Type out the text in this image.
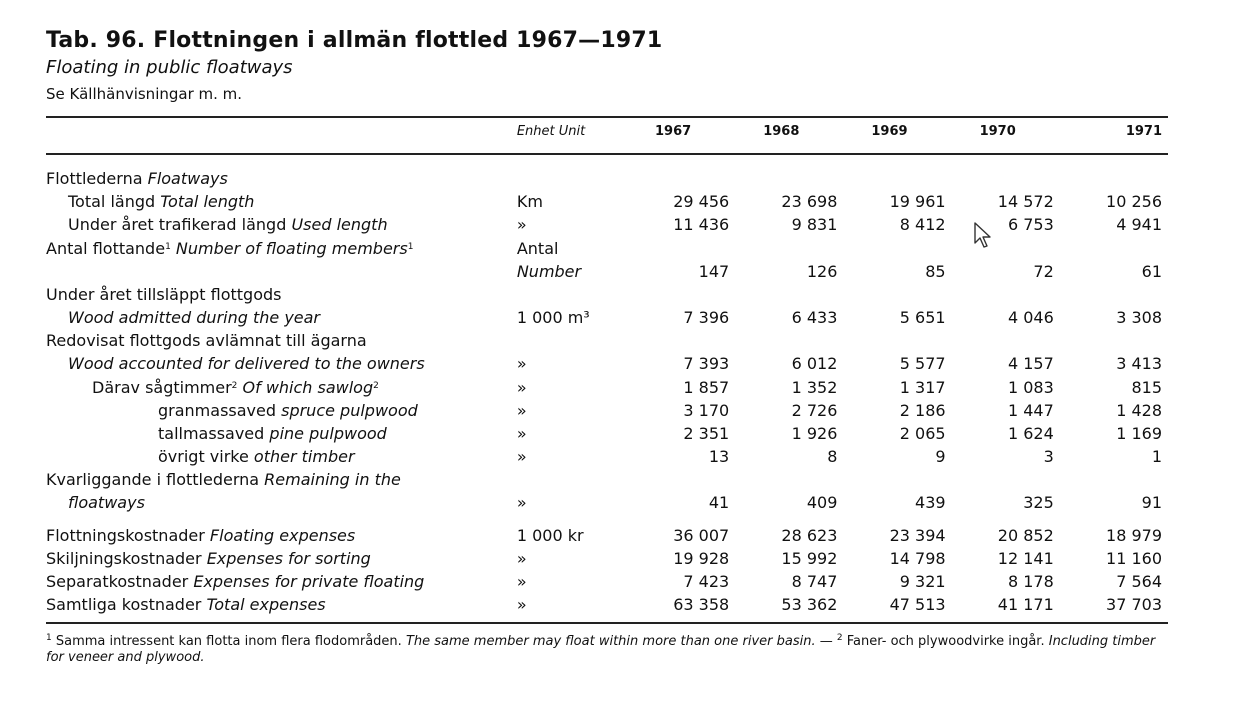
Tab. 96. Flottningen i allmän flottled 1967—1971
Floating in public floatways
Se Källhänvisningar m. m.
	Enhet Unit	1967	1968	1969	1970	1971

Flottlederna Floatways						
Total längd Total length	Km	29 456	23 698	19 961	14 572	10 256
Under året trafikerad längd Used length	»	11 436	9 831	8 412	6 753	4 941
Antal flottande$^1$ Number of floating members$^1$	Antal					
	Number	147	126	85	72	61
Under året tillsläppt flottgods						
Wood admitted during the year	1 000 m³	7 396	6 433	5 651	4 046	3 308
Redovisat flottgods avlämnat till ägarna						
Wood accounted for delivered to the owners	»	7 393	6 012	5 577	4 157	3 413
Därav sågtimmer$^2$ Of which sawlog$^2$	»	1 857	1 352	1 317	1 083	815
granmassaved spruce pulpwood	»	3 170	2 726	2 186	1 447	1 428
tallmassaved pine pulpwood	»	2 351	1 926	2 065	1 624	1 169
övrigt virke other timber	»	13	8	9	3	1
Kvarliggande i flottlederna Remaining in the						
floatways	»	41	409	439	325	91
Flottningskostnader Floating expenses	1 000 kr	36 007	28 623	23 394	20 852	18 979
Skiljningskostnader Expenses for sorting	»	19 928	15 992	14 798	12 141	11 160
Separatkostnader Expenses for private floating	»	7 423	8 747	9 321	8 178	7 564
Samtliga kostnader Total expenses	»	63 358	53 362	47 513	41 171	37 703
$^1$ Samma intressent kan flotta inom flera flodområden. The same member may float within more than one river basin. — $^2$ Faner- och plywoodvirke ingår. Including timber for veneer and plywood.
